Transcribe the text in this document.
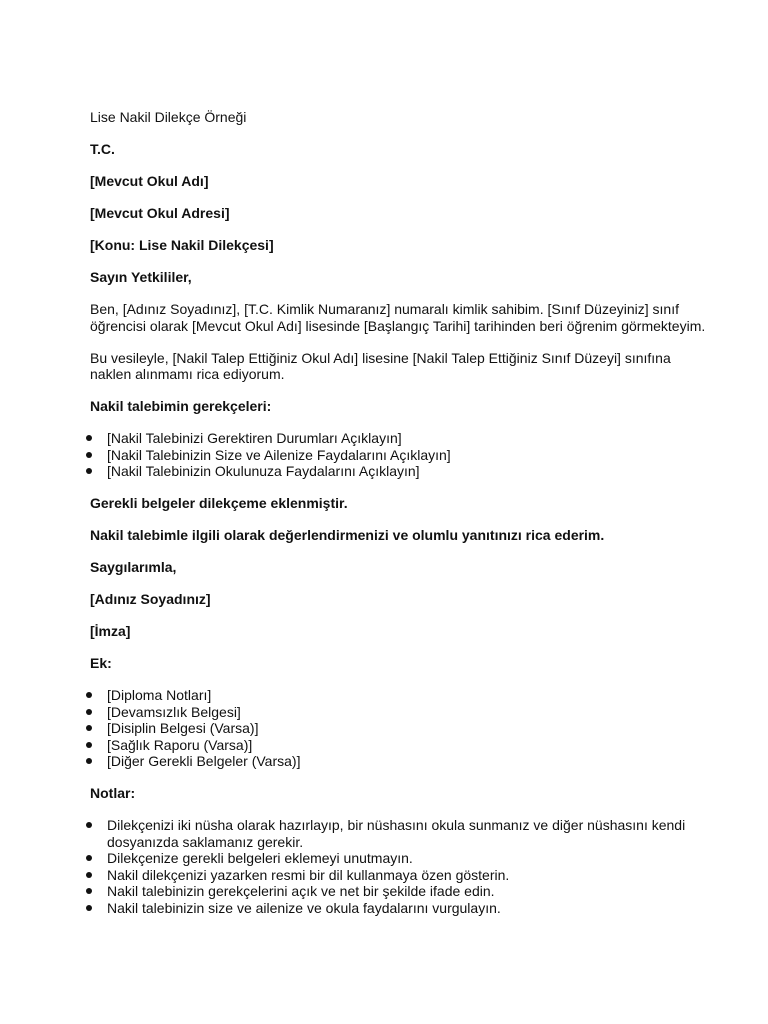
Lise Nakil Dilekçe Örneği

T.C.

[Mevcut Okul Adı]

[Mevcut Okul Adresi]

[Konu: Lise Nakil Dilekçesi]

Sayın Yetkililer,

Ben, [Adınız Soyadınız], [T.C. Kimlik Numaranız] numaralı kimlik sahibim. [Sınıf Düzeyiniz] sınıf öğrencisi olarak [Mevcut Okul Adı] lisesinde [Başlangıç Tarihi] tarihinden beri öğrenim görmekteyim.

Bu vesileyle, [Nakil Talep Ettiğiniz Okul Adı] lisesine [Nakil Talep Ettiğiniz Sınıf Düzeyi] sınıfına naklen alınmamı rica ediyorum.

Nakil talebimin gerekçeleri:

[Nakil Talebinizi Gerektiren Durumları Açıklayın]
[Nakil Talebinizin Size ve Ailenize Faydalarını Açıklayın]
[Nakil Talebinizin Okulunuza Faydalarını Açıklayın]

Gerekli belgeler dilekçeme eklenmiştir.

Nakil talebimle ilgili olarak değerlendirmenizi ve olumlu yanıtınızı rica ederim.

Saygılarımla,

[Adınız Soyadınız]

[İmza]

Ek:

[Diploma Notları]
[Devamsızlık Belgesi]
[Disiplin Belgesi (Varsa)]
[Sağlık Raporu (Varsa)]
[Diğer Gerekli Belgeler (Varsa)]

Notlar:

Dilekçenizi iki nüsha olarak hazırlayıp, bir nüshasını okula sunmanız ve diğer nüshasını kendi dosyanızda saklamanız gerekir.
Dilekçenize gerekli belgeleri eklemeyi unutmayın.
Nakil dilekçenizi yazarken resmi bir dil kullanmaya özen gösterin.
Nakil talebinizin gerekçelerini açık ve net bir şekilde ifade edin.
Nakil talebinizin size ve ailenize ve okula faydalarını vurgulayın.
